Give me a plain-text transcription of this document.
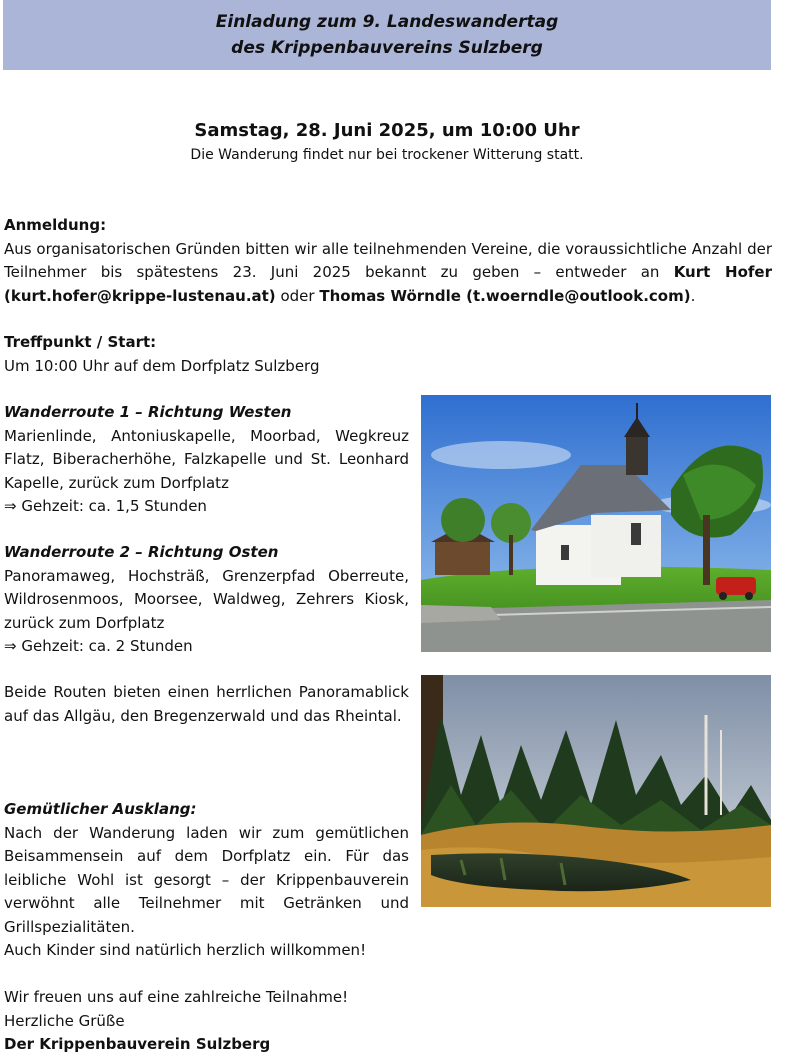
Einladung zum 9. Landeswandertag
des Krippenbauvereins Sulzberg
Samstag, 28. Juni 2025, um 10:00 Uhr
Die Wanderung findet nur bei trockener Witterung statt.
Anmeldung:
Aus organisatorischen Gründen bitten wir alle teilnehmenden Vereine, die voraussichtliche Anzahl der Teilnehmer bis spätestens 23. Juni 2025 bekannt zu geben – entweder an Kurt Hofer (kurt.hofer@krippe-lustenau.at) oder Thomas Wörndle (t.woerndle@outlook.com).
Treffpunkt / Start:
Um 10:00 Uhr auf dem Dorfplatz Sulzberg
Wanderroute 1 – Richtung Westen
Marienlinde, Antoniuskapelle, Moorbad, Wegkreuz Flatz, Biberacherhöhe, Falzkapelle und St. Leonhard Kapelle, zurück zum Dorfplatz
⇒ Gehzeit: ca. 1,5 Stunden
Wanderroute 2 – Richtung Osten
Panoramaweg, Hochsträß, Grenzerpfad Oberreute, Wildrosenmoos, Moorsee, Waldweg, Zehrers Kiosk, zurück zum Dorfplatz
⇒ Gehzeit: ca. 2 Stunden
Beide Routen bieten einen herrlichen Panoramablick auf das Allgäu, den Bregenzerwald und das Rheintal.
Gemütlicher Ausklang:
Nach der Wanderung laden wir zum gemütlichen Beisammensein auf dem Dorfplatz ein. Für das leibliche Wohl ist gesorgt – der Krippenbauverein verwöhnt alle Teilnehmer mit Getränken und Grillspezialitäten.
Auch Kinder sind natürlich herzlich willkommen!
Wir freuen uns auf eine zahlreiche Teilnahme!
Herzliche Grüße
Der Krippenbauverein Sulzberg
